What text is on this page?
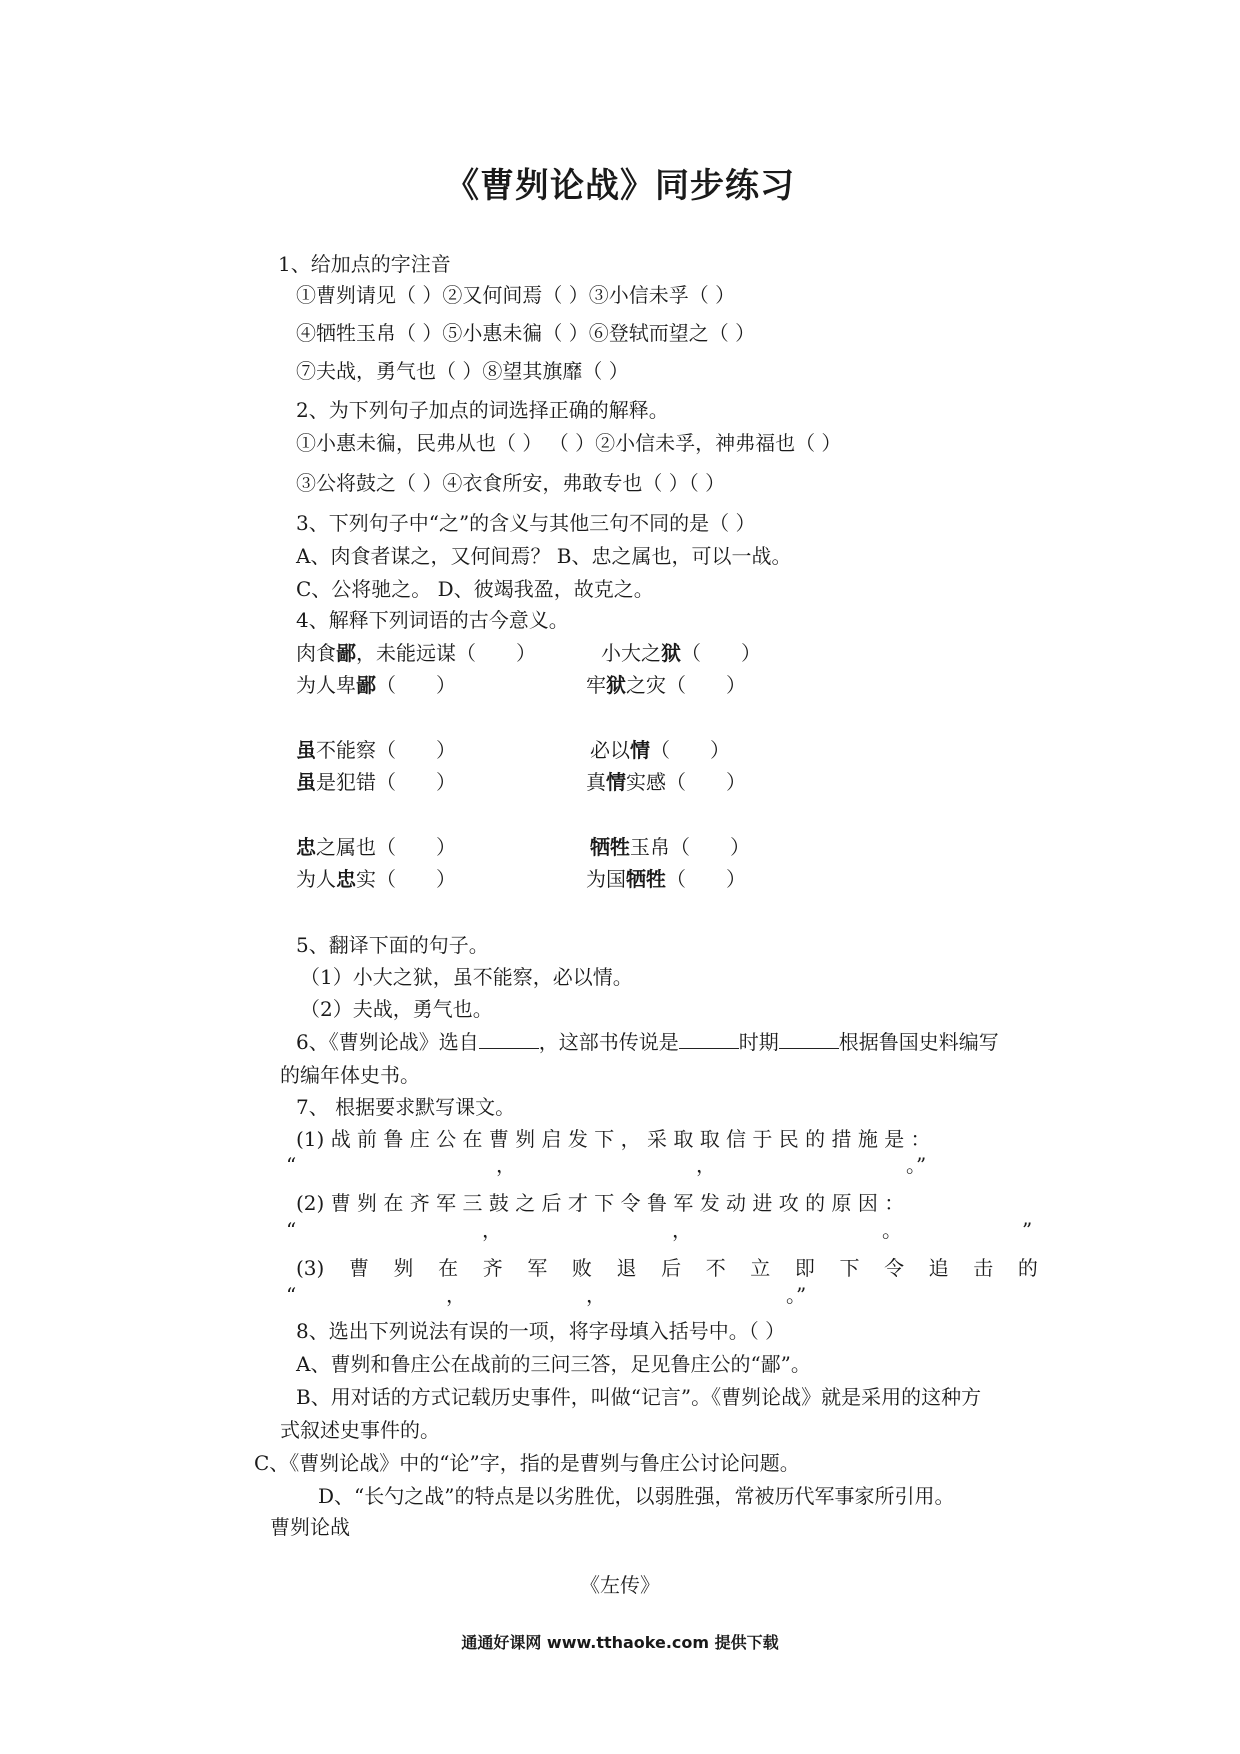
《曹刿论战》同步练习
1、给加点的字注音
①曹刿请见（ ）②又何间焉（ ）③小信未孚（ ）
④牺牲玉帛（ ）⑤小惠未徧（ ）⑥登轼而望之（ ）
⑦夫战，勇气也（ ）⑧望其旗靡（ ）
2、为下列句子加点的词选择正确的解释。
①小惠未徧，民弗从也（ ） （ ）②小信未孚，神弗福也（ ）
③公将鼓之（ ）④衣食所安，弗敢专也（ ）（ ）
3、下列句子中“之”的含义与其他三句不同的是（ ）
A、肉食者谋之，又何间焉？ B、忠之属也，可以一战。
C、公将驰之。 D、彼竭我盈，故克之。
4、解释下列词语的古今意义。
肉食鄙，未能远谋（　　）	小大之狱（　　）
为人卑鄙（　　）	牢狱之灾（　　）
虽不能察（　　）	必以情（　　）
虽是犯错（　　）	真情实感（　　）
忠之属也（　　）	牺牲玉帛（　　）
为人忠实（　　）	为国牺牲（　　）
5、翻译下面的句子。
（1）小大之狱，虽不能察，必以情。
（2）夫战，勇气也。
6、《曹刿论战》选自	，这部书传说是	时期	根据鲁国史料编写
的编年体史书。
7、 根据要求默写课文。
(1) 战 前 鲁 庄 公 在 曹 刿 启 发 下 ， 采 取 取 信 于 民 的 措 施 是 ：
“	，	，	。”
(2) 曹 刿 在 齐 军 三 鼓 之 后 才 下 令 鲁 军 发 动 进 攻 的 原 因 ：
“	，	，	。	”
(3) 曹 刿 在 齐 军 败 退 后 不 立 即 下 令 追 击 的
“	，	，	。”
8、选出下列说法有误的一项，将字母填入括号中。（ ）
A、曹刿和鲁庄公在战前的三问三答，足见鲁庄公的“鄙”。
B、用对话的方式记载历史事件，叫做“记言”。《曹刿论战》就是采用的这种方
式叙述史事件的。
C、《曹刿论战》中的“论”字，指的是曹刿与鲁庄公讨论问题。
D、“长勺之战”的特点是以劣胜优，以弱胜强，常被历代军事家所引用。
曹刿论战
《左传》
通通好课网 www.tthaoke.com 提供下载
